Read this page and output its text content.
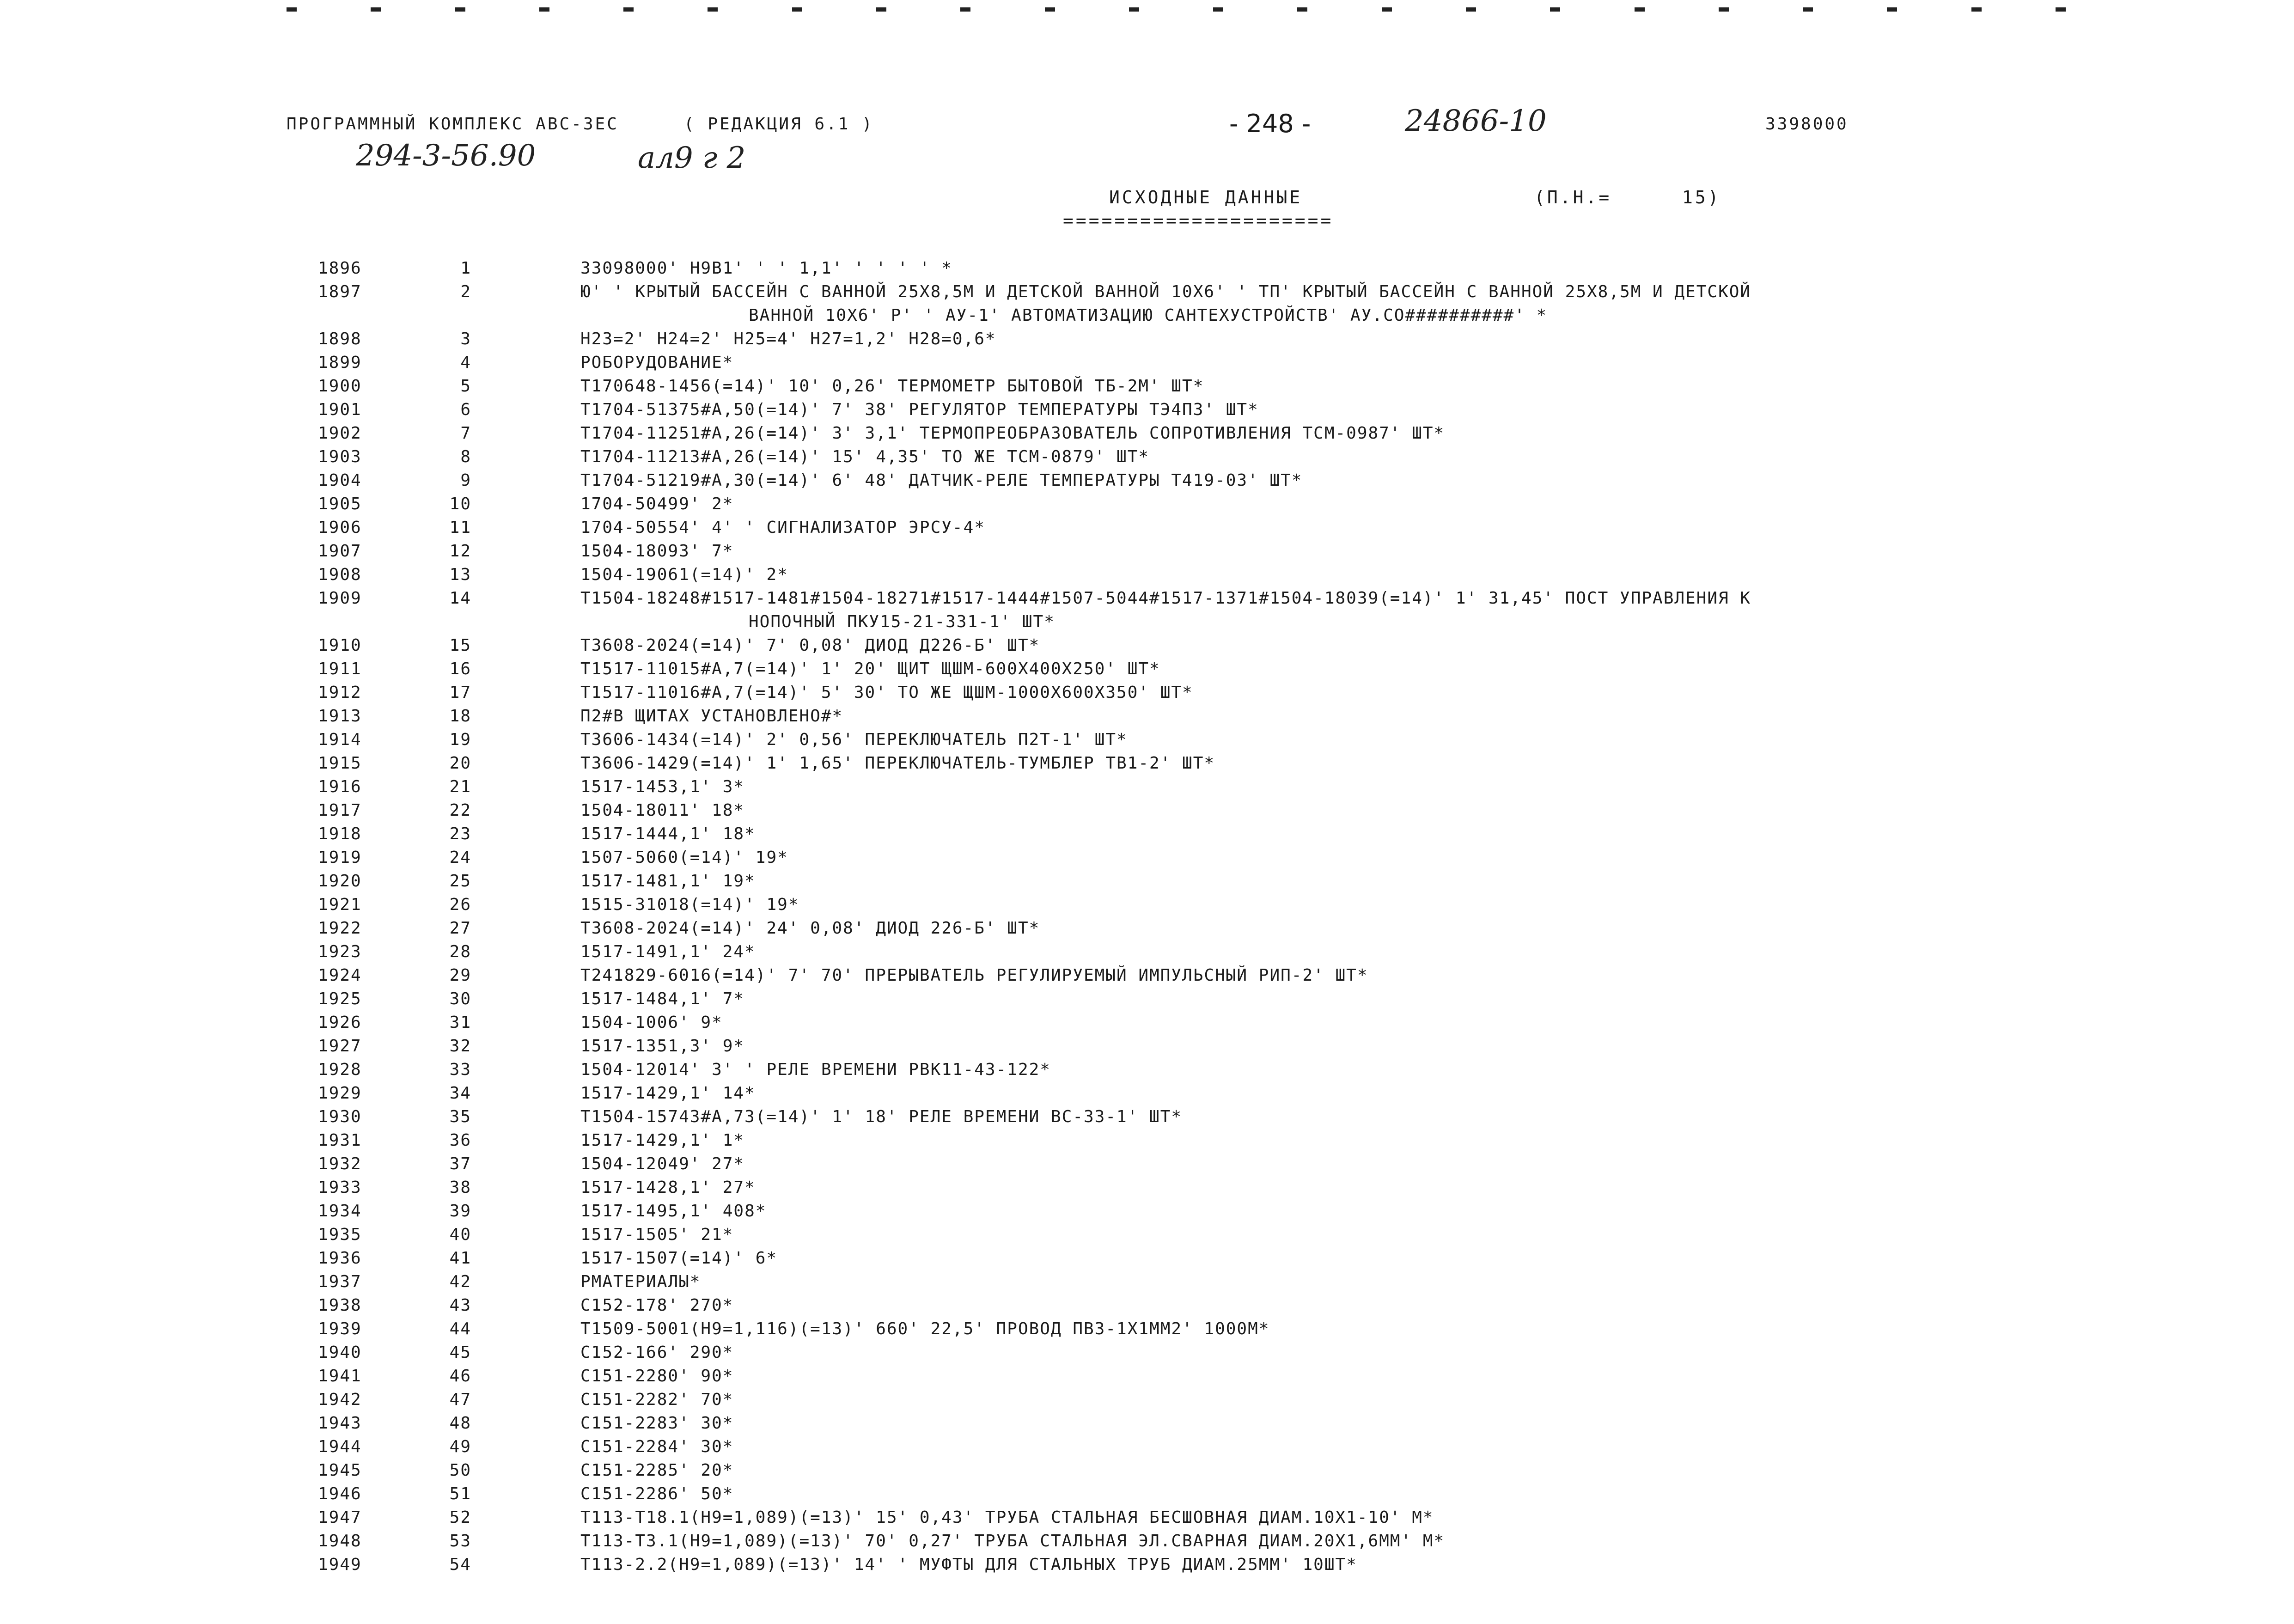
ПРОГРАММНЫЙ КОМПЛЕКС АВС-3ЕС	( РЕДАКЦИЯ 6.1 )	- 248 -	24866-10	3398000
294-3-56.90	ал9 г 2
ИСХОДНЫЕ ДАННЫЕ
=====================
(П.Н.=	15)
1896	1	33098000' Н9В1' ' ' 1,1' ' ' ' ' *
1897	2	Ю' ' КРЫТЫЙ БАССЕЙН С ВАННОЙ 25Х8,5М И ДЕТСКОЙ ВАННОЙ 10Х6' ' ТП' КРЫТЫЙ БАССЕЙН С ВАННОЙ 25Х8,5М И ДЕТСКОЙ
ВАННОЙ 10Х6' Р' ' АУ-1' АВТОМАТИЗАЦИЮ САНТЕХУСТРОЙСТВ' АУ.СО##########' *
1898	3	Н23=2' Н24=2' Н25=4' Н27=1,2' Н28=0,6*
1899	4	РОБОРУДОВАНИЕ*
1900	5	Т170648-1456(=14)' 10' 0,26' ТЕРМОМЕТР БЫТОВОЙ ТБ-2М' ШТ*
1901	6	Т1704-51375#А,50(=14)' 7' 38' РЕГУЛЯТОР ТЕМПЕРАТУРЫ ТЭ4П3' ШТ*
1902	7	Т1704-11251#А,26(=14)' 3' 3,1' ТЕРМОПРЕОБРАЗОВАТЕЛЬ СОПРОТИВЛЕНИЯ ТСМ-0987' ШТ*
1903	8	Т1704-11213#А,26(=14)' 15' 4,35' ТО ЖЕ ТСМ-0879' ШТ*
1904	9	Т1704-51219#А,30(=14)' 6' 48' ДАТЧИК-РЕЛЕ ТЕМПЕРАТУРЫ Т419-03' ШТ*
1905	10	1704-50499' 2*
1906	11	1704-50554' 4' ' СИГНАЛИЗАТОР ЭРСУ-4*
1907	12	1504-18093' 7*
1908	13	1504-19061(=14)' 2*
1909	14	Т1504-18248#1517-1481#1504-18271#1517-1444#1507-5044#1517-1371#1504-18039(=14)' 1' 31,45' ПОСТ УПРАВЛЕНИЯ К
НОПОЧНЫЙ ПКУ15-21-331-1' ШТ*
1910	15	Т3608-2024(=14)' 7' 0,08' ДИОД Д226-Б' ШТ*
1911	16	Т1517-11015#А,7(=14)' 1' 20' ЩИТ ЩШМ-600Х400Х250' ШТ*
1912	17	Т1517-11016#А,7(=14)' 5' 30' ТО ЖЕ ЩШМ-1000Х600Х350' ШТ*
1913	18	П2#В ЩИТАХ УСТАНОВЛЕНО#*
1914	19	Т3606-1434(=14)' 2' 0,56' ПЕРЕКЛЮЧАТЕЛЬ П2Т-1' ШТ*
1915	20	Т3606-1429(=14)' 1' 1,65' ПЕРЕКЛЮЧАТЕЛЬ-ТУМБЛЕР ТВ1-2' ШТ*
1916	21	1517-1453,1' 3*
1917	22	1504-18011' 18*
1918	23	1517-1444,1' 18*
1919	24	1507-5060(=14)' 19*
1920	25	1517-1481,1' 19*
1921	26	1515-31018(=14)' 19*
1922	27	Т3608-2024(=14)' 24' 0,08' ДИОД 226-Б' ШТ*
1923	28	1517-1491,1' 24*
1924	29	Т241829-6016(=14)' 7' 70' ПРЕРЫВАТЕЛЬ РЕГУЛИРУЕМЫЙ ИМПУЛЬСНЫЙ РИП-2' ШТ*
1925	30	1517-1484,1' 7*
1926	31	1504-1006' 9*
1927	32	1517-1351,3' 9*
1928	33	1504-12014' 3' ' РЕЛЕ ВРЕМЕНИ РВК11-43-122*
1929	34	1517-1429,1' 14*
1930	35	Т1504-15743#А,73(=14)' 1' 18' РЕЛЕ ВРЕМЕНИ ВС-33-1' ШТ*
1931	36	1517-1429,1' 1*
1932	37	1504-12049' 27*
1933	38	1517-1428,1' 27*
1934	39	1517-1495,1' 408*
1935	40	1517-1505' 21*
1936	41	1517-1507(=14)' 6*
1937	42	РМАТЕРИАЛЫ*
1938	43	С152-178' 270*
1939	44	Т1509-5001(Н9=1,116)(=13)' 660' 22,5' ПРОВОД ПВЗ-1Х1ММ2' 1000М*
1940	45	С152-166' 290*
1941	46	С151-2280' 90*
1942	47	С151-2282' 70*
1943	48	С151-2283' 30*
1944	49	С151-2284' 30*
1945	50	С151-2285' 20*
1946	51	С151-2286' 50*
1947	52	Т113-Т18.1(Н9=1,089)(=13)' 15' 0,43' ТРУБА СТАЛЬНАЯ БЕСШОВНАЯ ДИАМ.10Х1-10' М*
1948	53	Т113-Т3.1(Н9=1,089)(=13)' 70' 0,27' ТРУБА СТАЛЬНАЯ ЭЛ.СВАРНАЯ ДИАМ.20Х1,6ММ' М*
1949	54	Т113-2.2(Н9=1,089)(=13)' 14' ' МУФТЫ ДЛЯ СТАЛЬНЫХ ТРУБ ДИАМ.25ММ' 10ШТ*
